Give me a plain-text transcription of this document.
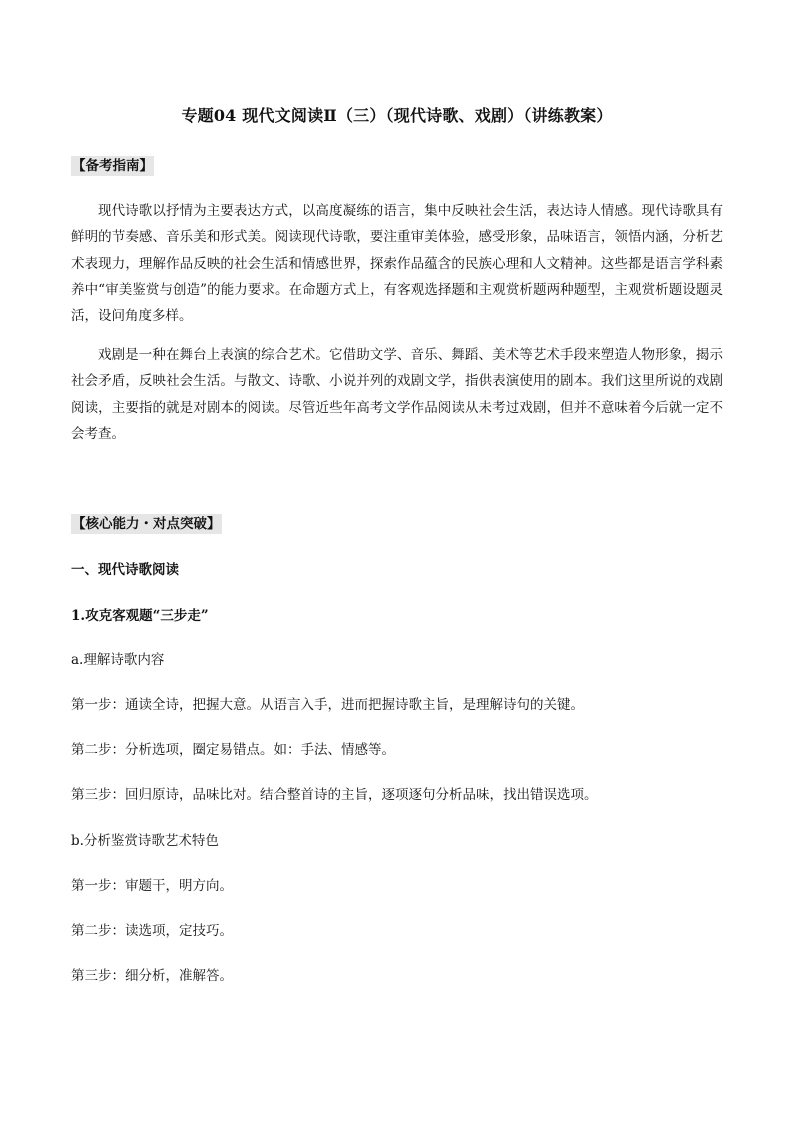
专题04 现代文阅读Ⅱ（三）（现代诗歌、戏剧）（讲练教案）
【备考指南】

现代诗歌以抒情为主要表达方式，以高度凝练的语言，集中反映社会生活，表达诗人情感。现代诗歌具有鲜明的节奏感、音乐美和形式美。阅读现代诗歌，要注重审美体验，感受形象，品味语言，领悟内涵，分析艺术表现力，理解作品反映的社会生活和情感世界，探索作品蕴含的民族心理和人文精神。这些都是语言学科素养中“审美鉴赏与创造”的能力要求。在命题方式上，有客观选择题和主观赏析题两种题型，主观赏析题设题灵活，设问角度多样。

戏剧是一种在舞台上表演的综合艺术。它借助文学、音乐、舞蹈、美术等艺术手段来塑造人物形象，揭示社会矛盾，反映社会生活。与散文、诗歌、小说并列的戏剧文学，指供表演使用的剧本。我们这里所说的戏剧阅读，主要指的就是对剧本的阅读。尽管近些年高考文学作品阅读从未考过戏剧，但并不意味着今后就一定不会考查。

【核心能力・对点突破】
一、现代诗歌阅读
1.攻克客观题“三步走”
a.理解诗歌内容
第一步：通读全诗，把握大意。从语言入手，进而把握诗歌主旨，是理解诗句的关键。
第二步：分析选项，圈定易错点。如：手法、情感等。
第三步：回归原诗，品味比对。结合整首诗的主旨，逐项逐句分析品味，找出错误选项。
b.分析鉴赏诗歌艺术特色
第一步：审题干，明方向。
第二步：读选项，定技巧。
第三步：细分析，准解答。
